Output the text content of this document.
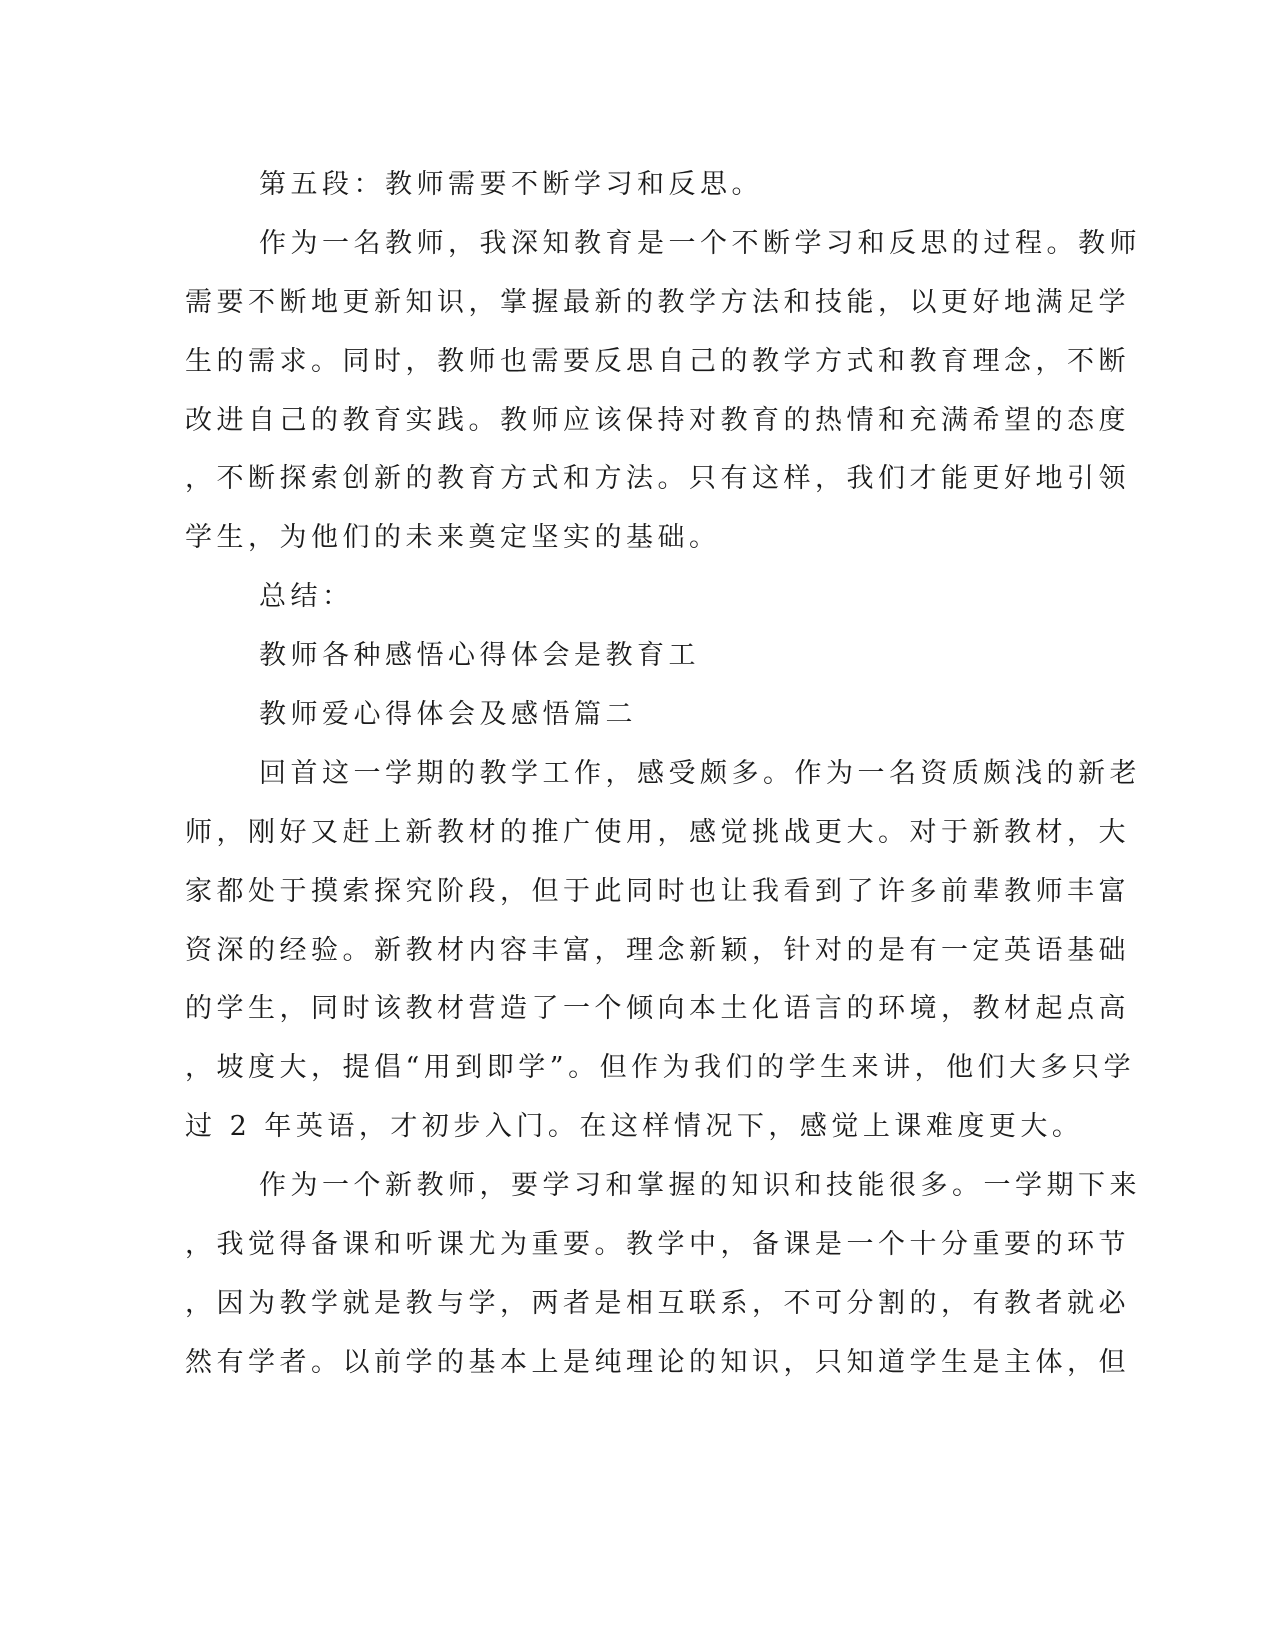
第五段：教师需要不断学习和反思。
作为一名教师，我深知教育是一个不断学习和反思的过程。教师
需要不断地更新知识，掌握最新的教学方法和技能，以更好地满足学
生的需求。同时，教师也需要反思自己的教学方式和教育理念，不断
改进自己的教育实践。教师应该保持对教育的热情和充满希望的态度
，不断探索创新的教育方式和方法。只有这样，我们才能更好地引领
学生，为他们的未来奠定坚实的基础。
总结：
教师各种感悟心得体会是教育工
教师爱心得体会及感悟篇二
回首这一学期的教学工作，感受颇多。作为一名资质颇浅的新老
师，刚好又赶上新教材的推广使用，感觉挑战更大。对于新教材，大
家都处于摸索探究阶段，但于此同时也让我看到了许多前辈教师丰富
资深的经验。新教材内容丰富，理念新颖，针对的是有一定英语基础
的学生，同时该教材营造了一个倾向本土化语言的环境，教材起点高
，坡度大，提倡“用到即学”。但作为我们的学生来讲，他们大多只学
过 2 年英语，才初步入门。在这样情况下，感觉上课难度更大。
作为一个新教师，要学习和掌握的知识和技能很多。一学期下来
，我觉得备课和听课尤为重要。教学中，备课是一个十分重要的环节
，因为教学就是教与学，两者是相互联系，不可分割的，有教者就必
然有学者。以前学的基本上是纯理论的知识，只知道学生是主体，但
